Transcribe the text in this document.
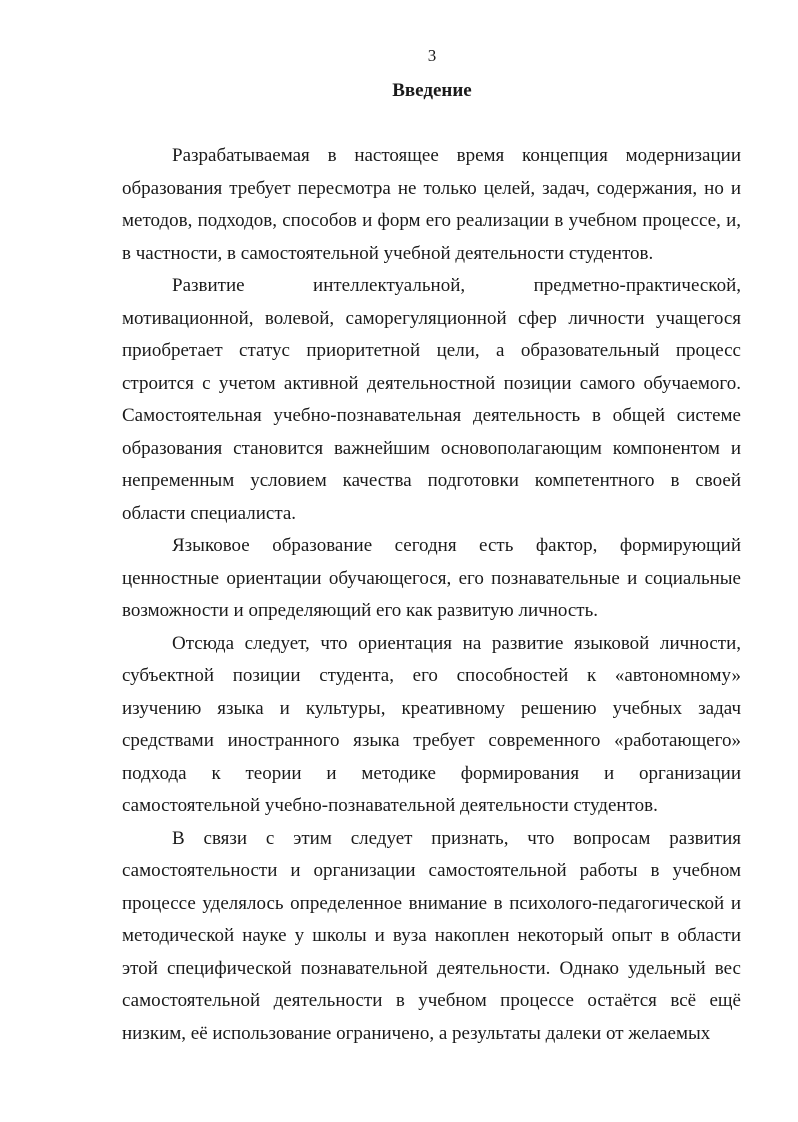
3
Введение

Разрабатываемая в настоящее время концепция модернизации образования требует пересмотра не только целей, задач, содержания, но и методов, подходов, способов и форм его реализации в учебном процессе, и, в частности, в самостоятельной учебной деятельности студентов.

Развитие интеллектуальной, предметно-практической, мотивационной, волевой, саморегуляционной сфер личности учащегося приобретает статус приоритетной цели, а образовательный процесс строится с учетом активной деятельностной позиции самого обучаемого. Самостоятельная учебно-познавательная деятельность в общей системе образования становится важнейшим основополагающим компонентом и непременным условием качества подготовки компетентного в своей области специалиста.

Языковое образование сегодня есть фактор, формирующий ценностные ориентации обучающегося, его познавательные и социальные возможности и определяющий его как развитую личность.

Отсюда следует, что ориентация на развитие языковой личности, субъектной позиции студента, его способностей к «автономному» изучению языка и культуры, креативному решению учебных задач средствами иностранного языка требует современного «работающего» подхода к теории и методике формирования и организации самостоятельной учебно-познавательной деятельности студентов.

В связи с этим следует признать, что вопросам развития самостоятельности и организации самостоятельной работы в учебном процессе уделялось определенное внимание в психолого-педагогической и методической науке у школы и вуза накоплен некоторый опыт в области этой специфической познавательной деятельности. Однако удельный вес самостоятельной деятельности в учебном процессе остаётся всё ещё низким, её использование ограничено, а результаты далеки от желаемых
